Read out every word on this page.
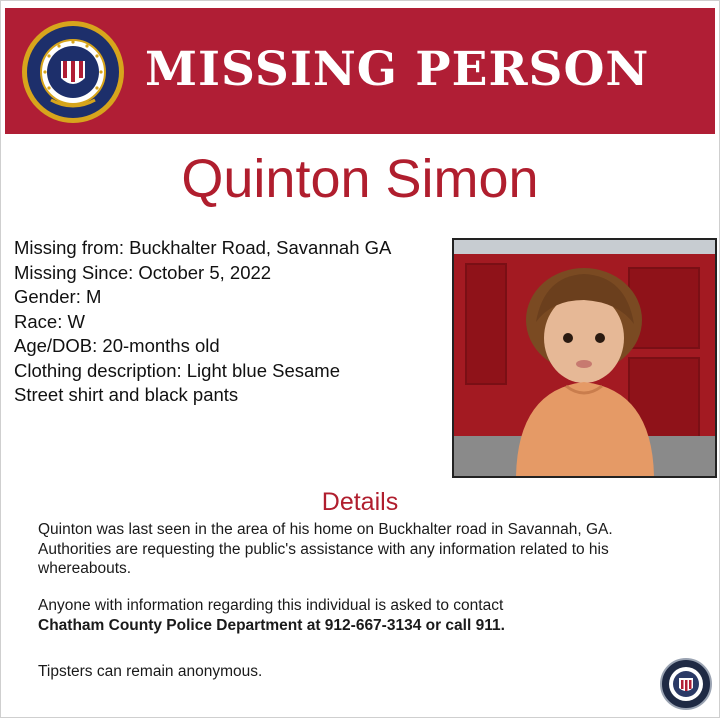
MISSING PERSON
Quinton Simon
Missing from: Buckhalter Road, Savannah GA
Missing Since: October 5, 2022
Gender: M
Race: W
Age/DOB: 20-months old
Clothing description: Light blue Sesame
Street shirt and black pants
Details
Quinton was last seen in the area of his home on Buckhalter road in Savannah, GA. Authorities are requesting the public's assistance with any information related to his whereabouts.
Anyone with information regarding this individual is asked to contact
Chatham County Police Department at 912-667-3134 or call 911.
Tipsters can remain anonymous.
